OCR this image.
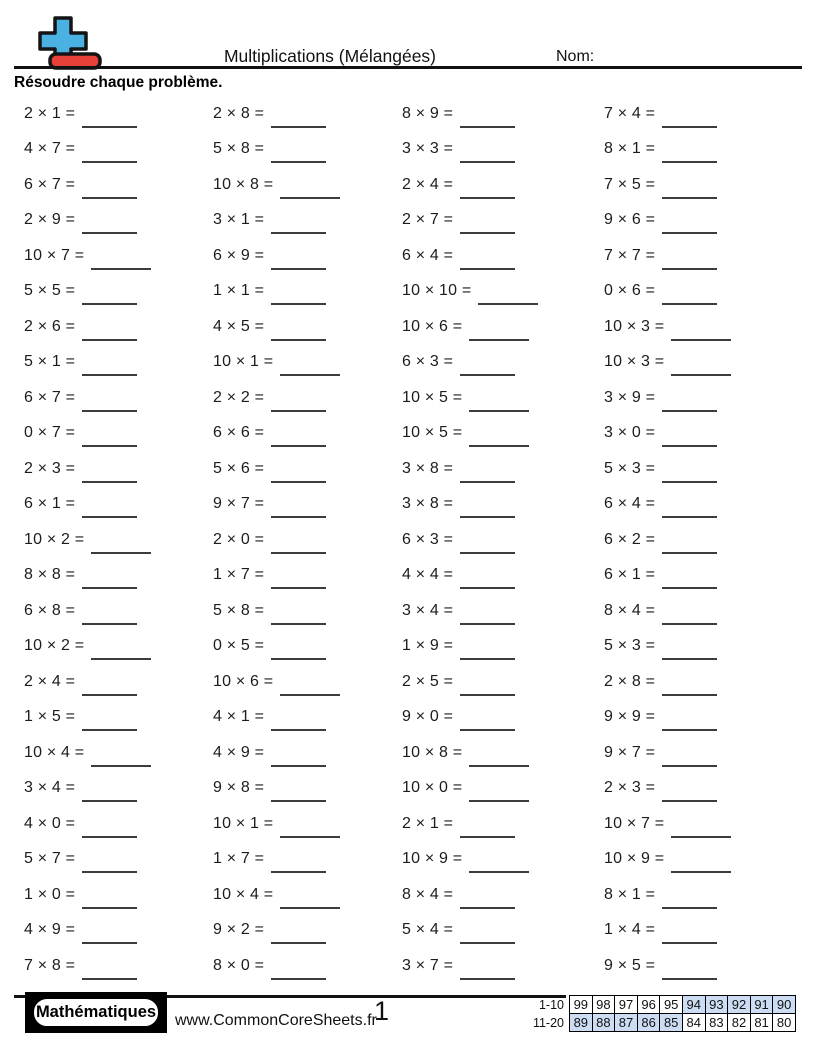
Multiplications (Mélangées)	Nom:
Résoudre chaque problème.
2 × 1 =
4 × 7 =
6 × 7 =
2 × 9 =
10 × 7 =
5 × 5 =
2 × 6 =
5 × 1 =
6 × 7 =
0 × 7 =
2 × 3 =
6 × 1 =
10 × 2 =
8 × 8 =
6 × 8 =
10 × 2 =
2 × 4 =
1 × 5 =
10 × 4 =
3 × 4 =
4 × 0 =
5 × 7 =
1 × 0 =
4 × 9 =
7 × 8 =
2 × 8 =
5 × 8 =
10 × 8 =
3 × 1 =
6 × 9 =
1 × 1 =
4 × 5 =
10 × 1 =
2 × 2 =
6 × 6 =
5 × 6 =
9 × 7 =
2 × 0 =
1 × 7 =
5 × 8 =
0 × 5 =
10 × 6 =
4 × 1 =
4 × 9 =
9 × 8 =
10 × 1 =
1 × 7 =
10 × 4 =
9 × 2 =
8 × 0 =
8 × 9 =
3 × 3 =
2 × 4 =
2 × 7 =
6 × 4 =
10 × 10 =
10 × 6 =
6 × 3 =
10 × 5 =
10 × 5 =
3 × 8 =
3 × 8 =
6 × 3 =
4 × 4 =
3 × 4 =
1 × 9 =
2 × 5 =
9 × 0 =
10 × 8 =
10 × 0 =
2 × 1 =
10 × 9 =
8 × 4 =
5 × 4 =
3 × 7 =
7 × 4 =
8 × 1 =
7 × 5 =
9 × 6 =
7 × 7 =
0 × 6 =
10 × 3 =
10 × 3 =
3 × 9 =
3 × 0 =
5 × 3 =
6 × 4 =
6 × 2 =
6 × 1 =
8 × 4 =
5 × 3 =
2 × 8 =
9 × 9 =
9 × 7 =
2 × 3 =
10 × 7 =
10 × 9 =
8 × 1 =
1 × 4 =
9 × 5 =
Mathématiques	www.CommonCoreSheets.fr
1	1-10	99	98	97	96	95	94	93	92	91	90
11-20	89	88	87	86	85	84	83	82	81	80
